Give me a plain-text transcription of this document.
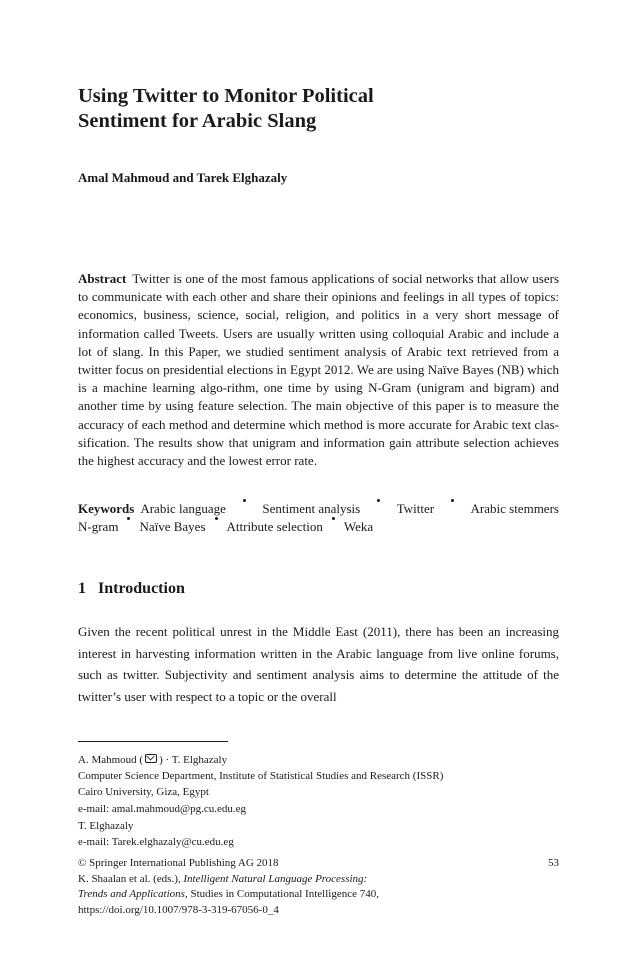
Using Twitter to Monitor Political
Sentiment for Arabic Slang

Amal Mahmoud and Tarek Elghazaly

Abstract Twitter is one of the most famous applications of social networks that allow users to communicate with each other and share their opinions and feelings in all types of topics: economics, business, science, social, religion, and politics in a very short message of information called Tweets. Users are usually written using colloquial Arabic and include a lot of slang. In this Paper, we studied sentiment analysis of Arabic text retrieved from a twitter focus on presidential elections in Egypt 2012. We are using Naïve Bayes (NB) which is a machine learning algo-rithm, one time by using N-Gram (unigram and bigram) and another time by using feature selection. The main objective of this paper is to measure the accuracy of each method and determine which method is more accurate for Arabic text clas-sification. The results show that unigram and information gain attribute selection achieves the highest accuracy and the lowest error rate.

Keywords Arabic language	Sentiment analysis	Twitter	Arabic stemmers
N-gram Naïve Bayes Attribute selection Weka
1 Introduction

Given the recent political unrest in the Middle East (2011), there has been an increasing interest in harvesting information written in the Arabic language from live online forums, such as twitter. Subjectivity and sentiment analysis aims to determine the attitude of the twitter’s user with respect to a topic or the overall

A. Mahmoud ( ) · T. Elghazaly
Computer Science Department, Institute of Statistical Studies and Research (ISSR)
Cairo University, Giza, Egypt
e-mail: amal.mahmoud@pg.cu.edu.eg

T. Elghazaly
e-mail: Tarek.elghazaly@cu.edu.eg

© Springer International Publishing AG 2018	53
K. Shaalan et al. (eds.), Intelligent Natural Language Processing:
Trends and Applications, Studies in Computational Intelligence 740,
https://doi.org/10.1007/978-3-319-67056-0_4
